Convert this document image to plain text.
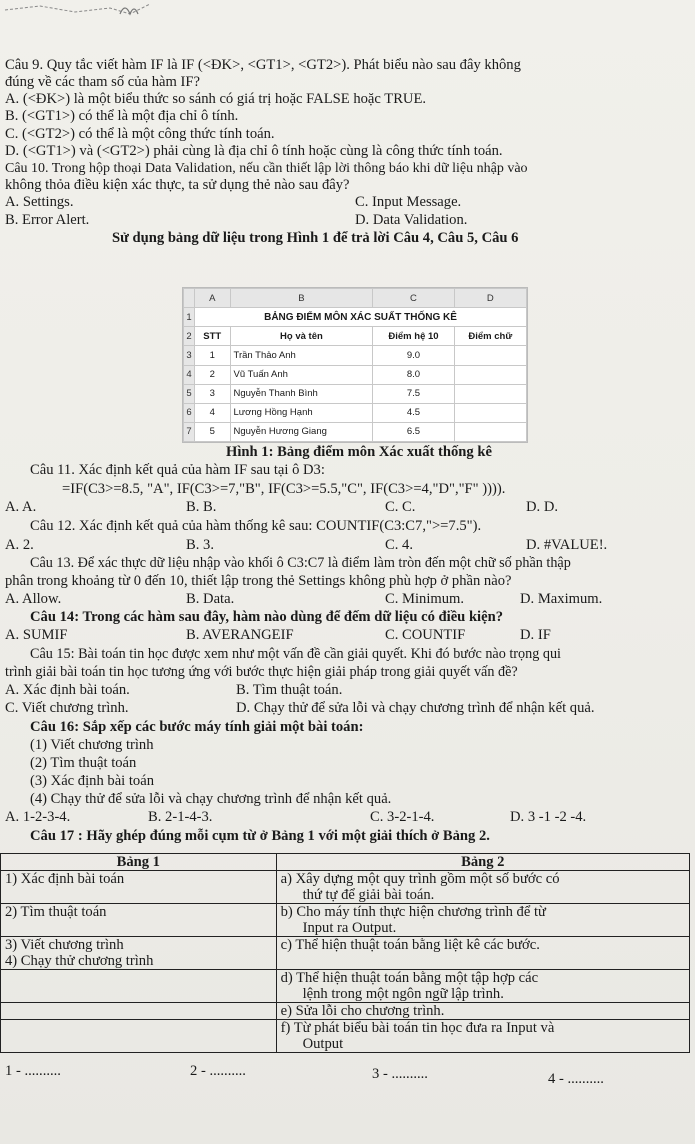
Câu 9. Quy tắc viết hàm IF là IF (<ĐK>, <GT1>, <GT2>). Phát biểu nào sau đây không
đúng về các tham số của hàm IF?
A. (<ĐK>) là một biểu thức so sánh có giá trị hoặc FALSE hoặc TRUE.
B. (<GT1>) có thể là một địa chỉ ô tính.
C. (<GT2>) có thể là một công thức tính toán.
D. (<GT1>) và (<GT2>) phải cùng là địa chỉ ô tính hoặc cùng là công thức tính toán.
Câu 10. Trong hộp thoại Data Validation, nếu cần thiết lập lời thông báo khi dữ liệu nhập vào
không thỏa điều kiện xác thực, ta sử dụng thẻ nào sau đây?
A. Settings.	C. Input Message.
B. Error Alert.	D. Data Validation.
Sử dụng bảng dữ liệu trong Hình 1 để trả lời Câu 4, Câu 5, Câu 6
	A	B	C	D
1	BẢNG ĐIỂM MÔN XÁC SUẤT THỐNG KÊ			
2	STT	Họ và tên	Điểm hệ 10	Điểm chữ
3	1	Trần Thảo Anh	9.0	
4	2	Vũ Tuấn Anh	8.0	
5	3	Nguyễn Thanh Bình	7.5	
6	4	Lương Hồng Hạnh	4.5	
7	5	Nguyễn Hương Giang	6.5	
Hình 1: Bảng điểm môn Xác xuất thống kê
Câu 11. Xác định kết quả của hàm IF sau tại ô D3:
=IF(C3>=8.5, "A", IF(C3>=7,"B", IF(C3>=5.5,"C", IF(C3>=4,"D","F" )))).
A. A.	B. B.	C. C.	D. D.
Câu 12. Xác định kết quả của hàm thống kê sau: COUNTIF(C3:C7,">=7.5").
A. 2.	B. 3.	C. 4.	D. #VALUE!.
Câu 13. Để xác thực dữ liệu nhập vào khối ô C3:C7 là điểm làm tròn đến một chữ số phần thập
phân trong khoảng từ 0 đến 10, thiết lập trong thẻ Settings không phù hợp ở phần nào?
A. Allow.	B. Data.	C. Minimum.	D. Maximum.
Câu 14: Trong các hàm sau đây, hàm nào dùng để đếm dữ liệu có điều kiện?
A. SUMIF	B. AVERANGEIF	C. COUNTIF	D. IF
Câu 15: Bài toán tin học được xem như một vấn đề cần giải quyết. Khi đó bước nào trọng qui
trình giải bài toán tin học tương ứng với bước thực hiện giải pháp trong giải quyết vấn đề?
A. Xác định bài toán.	B. Tìm thuật toán.
C. Viết chương trình.	D. Chạy thử để sửa lỗi và chạy chương trình để nhận kết quả.
Câu 16: Sắp xếp các bước máy tính giải một bài toán:
(1) Viết chương trình
(2) Tìm thuật toán
(3) Xác định bài toán
(4) Chạy thử để sửa lỗi và chạy chương trình để nhận kết quả.
A. 1-2-3-4.	B. 2-1-4-3.	C. 3-2-1-4.	D. 3 -1 -2 -4.
Câu 17 : Hãy ghép đúng mỗi cụm từ ở Bảng 1 với một giải thích ở Bảng 2.
Bảng 1	Bảng 2
1) Xác định bài toán	a) Xây dựng một quy trình gồm một số bước có
thứ tự để giải bài toán.

2) Tìm thuật toán	b) Cho máy tính thực hiện chương trình để từ
Input ra Output.

3) Viết chương trình
4) Chạy thử chương trình	c) Thể hiện thuật toán bằng liệt kê các bước.

	d) Thể hiện thuật toán bằng một tập hợp các
lệnh trong một ngôn ngữ lập trình.

	e) Sửa lỗi cho chương trình.

	f) Từ phát biểu bài toán tin học đưa ra Input và
Output
1 - ..........	2 - ..........	3 - ..........	4 - ..........
